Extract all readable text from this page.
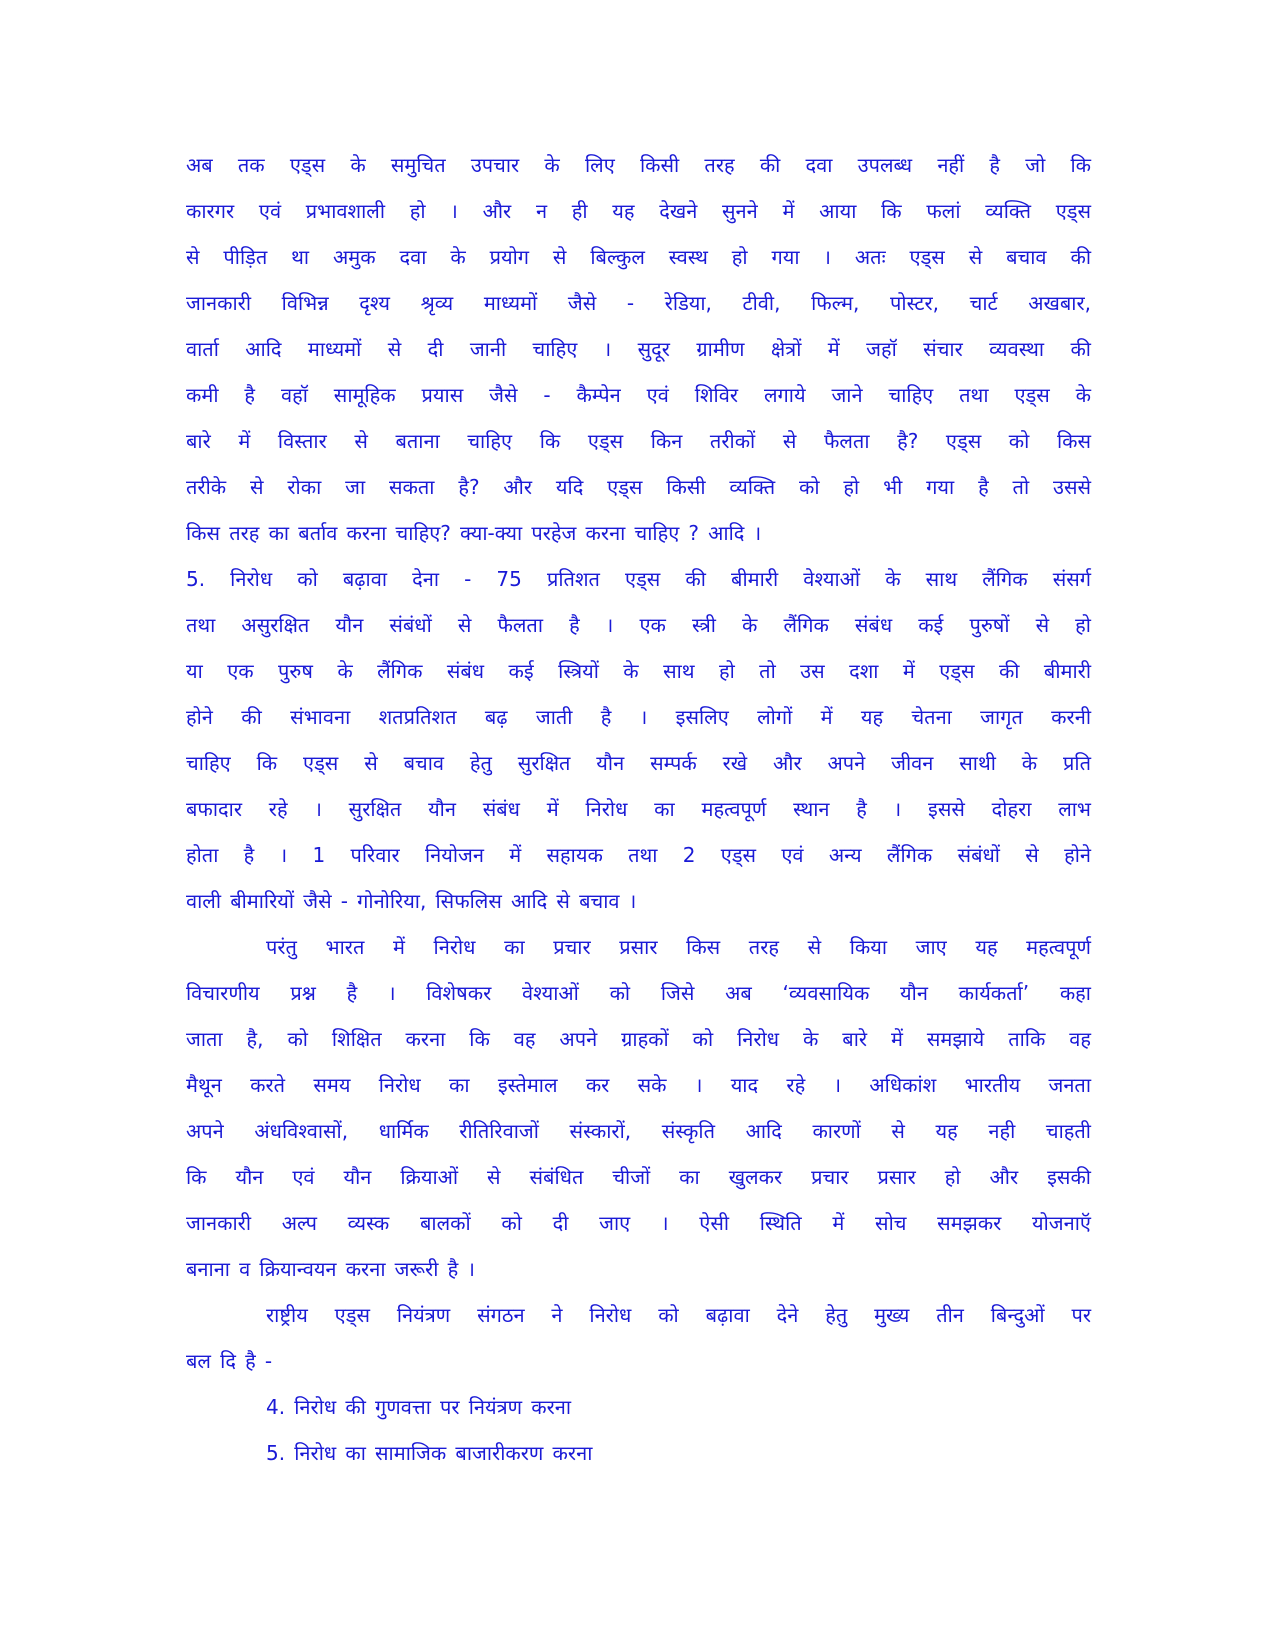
अब तक एड्स के समुचित उपचार के लिए किसी तरह की दवा उपलब्ध नहीं है जो कि
कारगर एवं प्रभावशाली हो । और न ही यह देखने सुनने में आया कि फलां व्यक्ति एड्स
से पीड़ित था अमुक दवा के प्रयोग से बिल्कुल स्वस्थ हो गया । अतः एड्स से बचाव की
जानकारी विभिन्न दृश्य श्रृव्य माध्यमों जैसे - रेडिया, टीवी, फिल्म, पोस्टर, चार्ट अखबार,
वार्ता आदि माध्यमों से दी जानी चाहिए । सुदूर ग्रामीण क्षेत्रों में जहॉ संचार व्यवस्था की
कमी है वहॉ सामूहिक प्रयास जैसे - कैम्पेन एवं शिविर लगाये जाने चाहिए तथा एड्स के
बारे में विस्तार से बताना चाहिए कि एड्स किन तरीकों से फैलता है? एड्स को किस
तरीके से रोका जा सकता है? और यदि एड्स किसी व्यक्ति को हो भी गया है तो उससे
किस तरह का बर्ताव करना चाहिए? क्या-क्या परहेज करना चाहिए ? आदि ।
5. निरोध को बढ़ावा देना - 75 प्रतिशत एड्स की बीमारी वेश्याओं के साथ लैंगिक संसर्ग
तथा असुरक्षित यौन संबंधों से फैलता है । एक स्त्री के लैंगिक संबंध कई पुरुषों से हो
या एक पुरुष के लैंगिक संबंध कई स्त्रियों के साथ हो तो उस दशा में एड्स की बीमारी
होने की संभावना शतप्रतिशत बढ़ जाती है । इसलिए लोगों में यह चेतना जागृत करनी
चाहिए कि एड्स से बचाव हेतु सुरक्षित यौन सम्पर्क रखे और अपने जीवन साथी के प्रति
बफादार रहे । सुरक्षित यौन संबंध में निरोध का महत्वपूर्ण स्थान है । इससे दोहरा लाभ
होता है । 1 परिवार नियोजन में सहायक तथा 2 एड्स एवं अन्य लैंगिक संबंधों से होने
वाली बीमारियों जैसे - गोनोरिया, सिफलिस आदि से बचाव ।
परंतु भारत में निरोध का प्रचार प्रसार किस तरह से किया जाए यह महत्वपूर्ण
विचारणीय प्रश्न है । विशेषकर वेश्याओं को जिसे अब ‘व्यवसायिक यौन कार्यकर्ता’ कहा
जाता है, को शिक्षित करना कि वह अपने ग्राहकों को निरोध के बारे में समझाये ताकि वह
मैथून करते समय निरोध का इस्तेमाल कर सके । याद रहे । अधिकांश भारतीय जनता
अपने अंधविश्वासों, धार्मिक रीतिरिवाजों संस्कारों, संस्कृति आदि कारणों से यह नही चाहती
कि यौन एवं यौन क्रियाओं से संबंधित चीजों का खुलकर प्रचार प्रसार हो और इसकी
जानकारी अल्प व्यस्क बालकों को दी जाए । ऐसी स्थिति में सोच समझकर योजनाऍ
बनाना व क्रियान्वयन करना जरूरी है ।
राष्ट्रीय एड्स नियंत्रण संगठन ने निरोध को बढ़ावा देने हेतु मुख्य तीन बिन्दुओं पर
बल दि है -
4. निरोध की गुणवत्ता पर नियंत्रण करना
5. निरोध का सामाजिक बाजारीकरण करना
